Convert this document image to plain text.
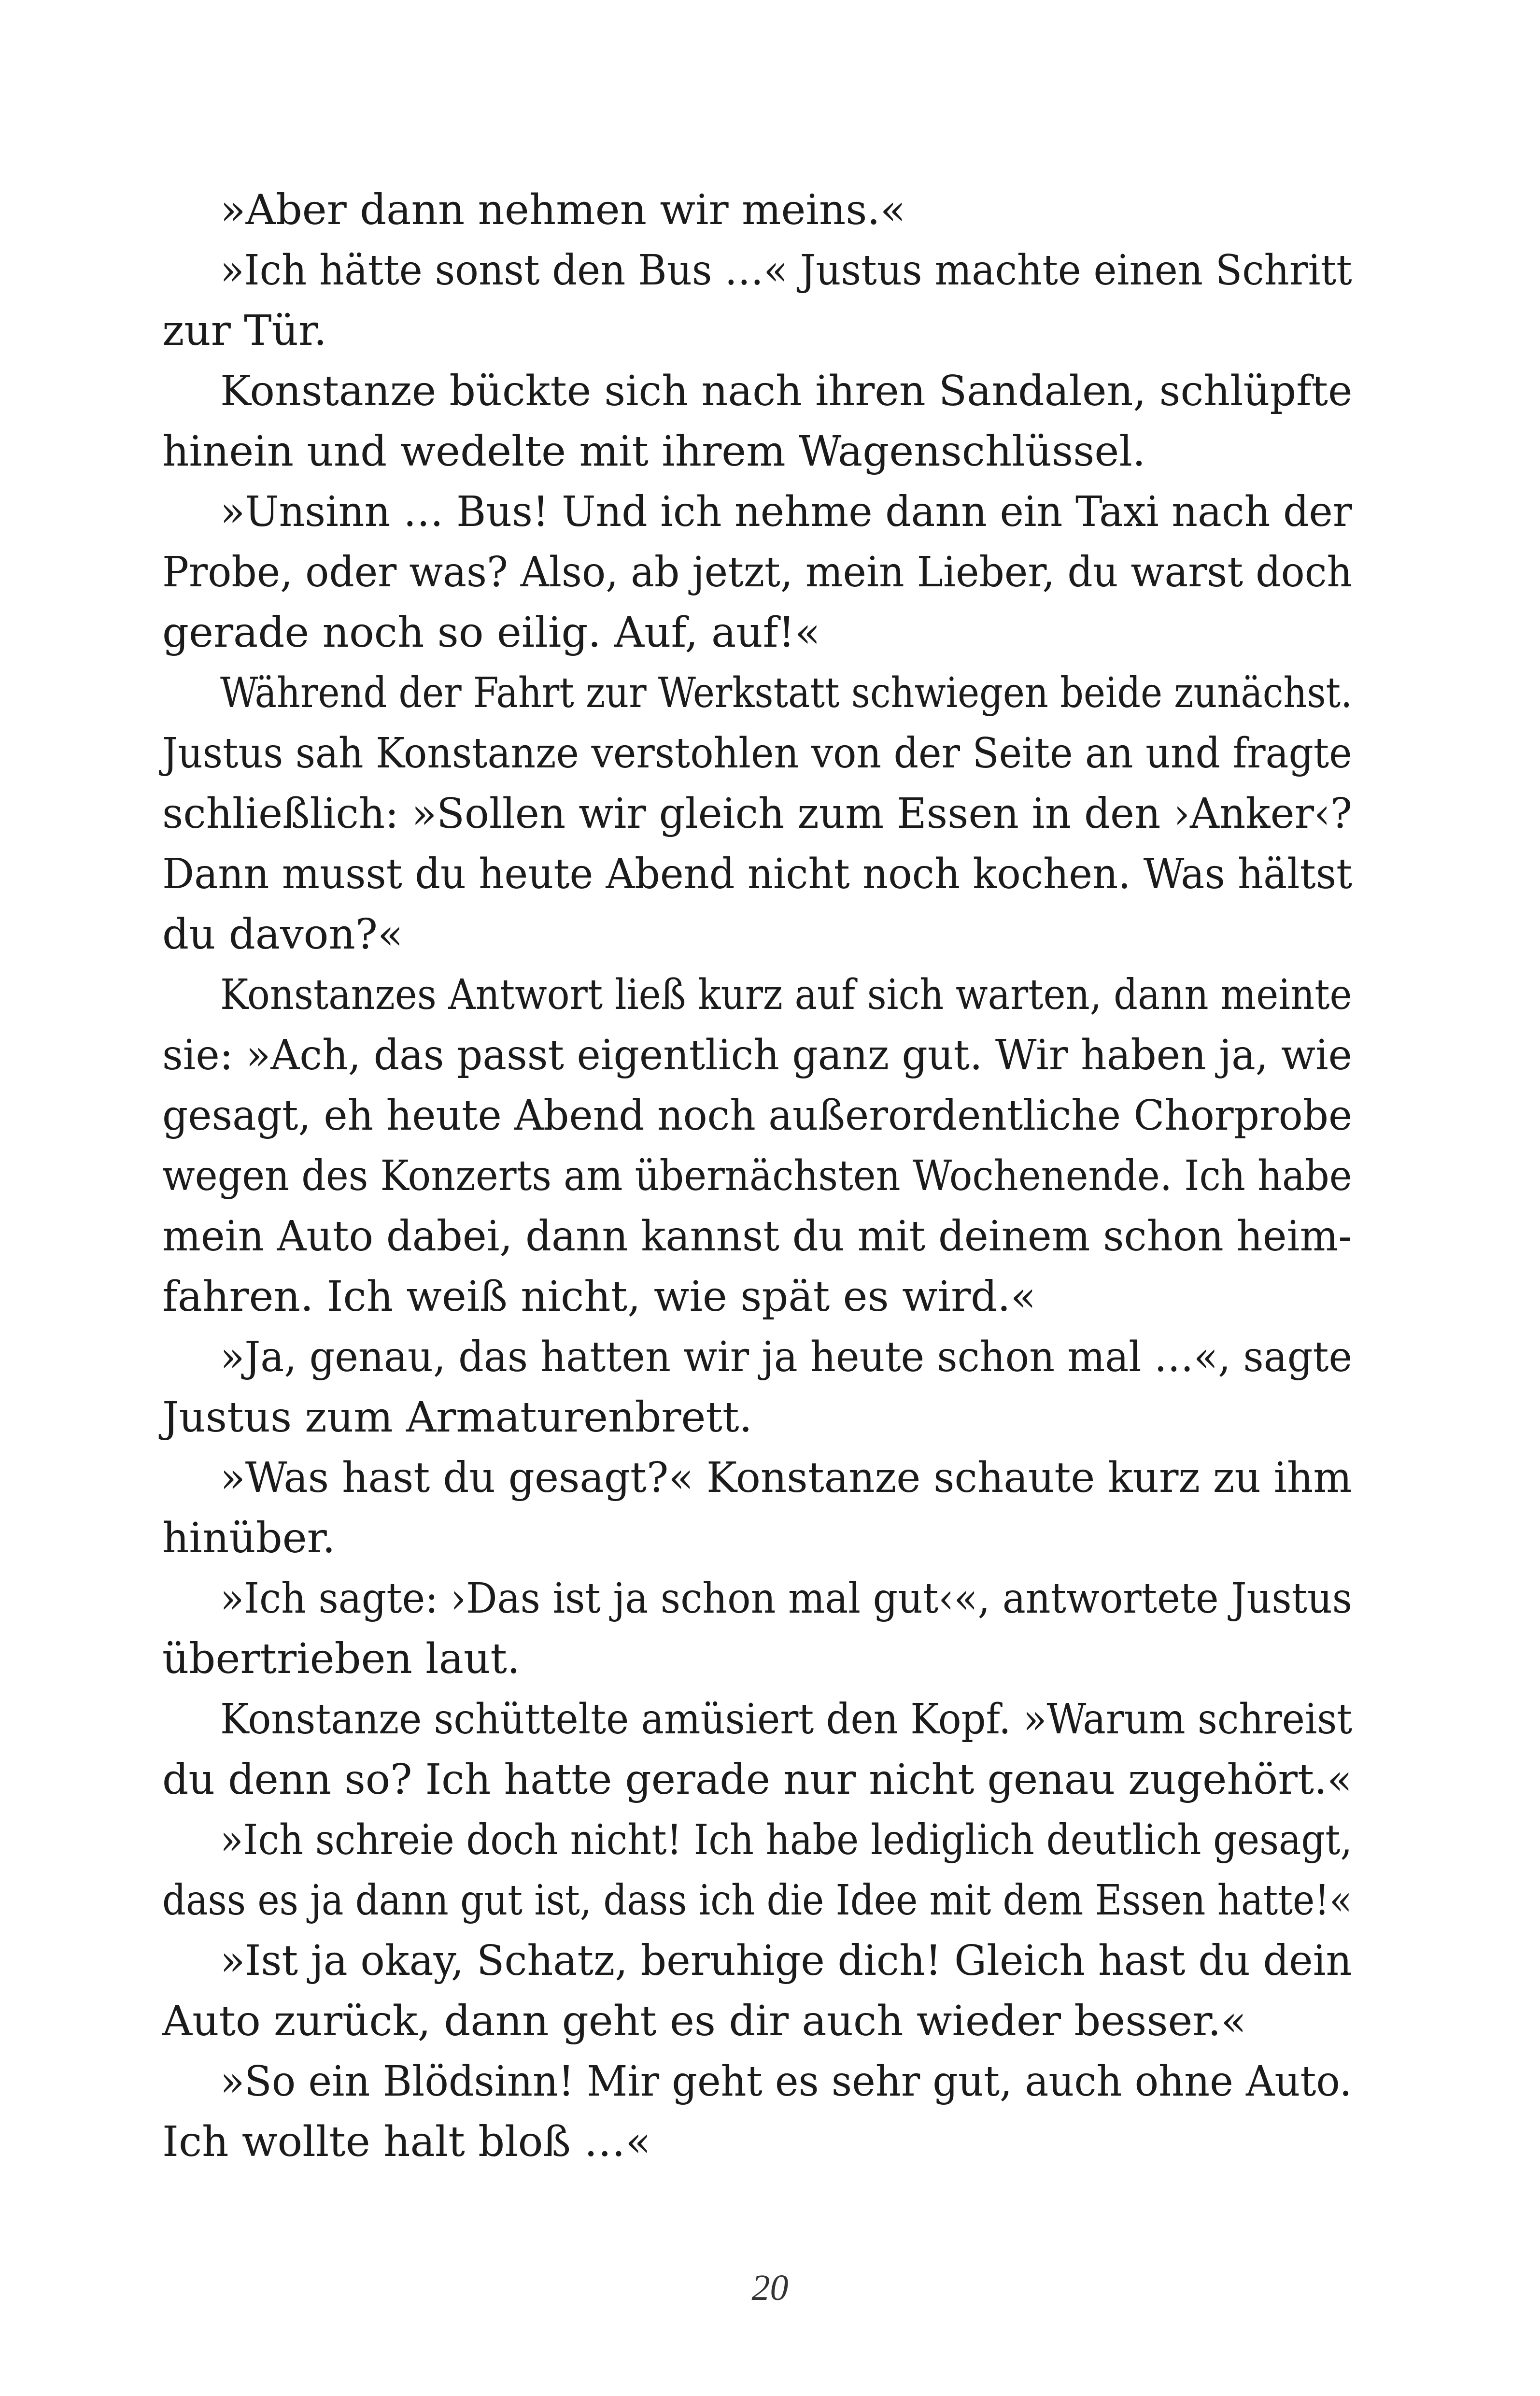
»Aber dann nehmen wir meins.«
»Ich hätte sonst den Bus …« Justus machte einen Schritt
zur Tür.
Konstanze bückte sich nach ihren Sandalen, schlüpfte
hinein und wedelte mit ihrem Wagenschlüssel.
»Unsinn … Bus! Und ich nehme dann ein Taxi nach der
Probe, oder was? Also, ab jetzt, mein Lieber, du warst doch
gerade noch so eilig. Auf, auf!«
Während der Fahrt zur Werkstatt schwiegen beide zunächst.
Justus sah Konstanze verstohlen von der Seite an und fragte
schließlich: »Sollen wir gleich zum Essen in den ›Anker‹?
Dann musst du heute Abend nicht noch kochen. Was hältst
du davon?«
Konstanzes Antwort ließ kurz auf sich warten, dann meinte
sie: »Ach, das passt eigentlich ganz gut. Wir haben ja, wie
gesagt, eh heute Abend noch außerordentliche Chorprobe
wegen des Konzerts am übernächsten Wochenende. Ich habe
mein Auto dabei, dann kannst du mit deinem schon heim-
fahren. Ich weiß nicht, wie spät es wird.«
»Ja, genau, das hatten wir ja heute schon mal …«, sagte
Justus zum Armaturenbrett.
»Was hast du gesagt?« Konstanze schaute kurz zu ihm
hinüber.
»Ich sagte: ›Das ist ja schon mal gut‹«, antwortete Justus
übertrieben laut.
Konstanze schüttelte amüsiert den Kopf. »Warum schreist
du denn so? Ich hatte gerade nur nicht genau zugehört.«
»Ich schreie doch nicht! Ich habe lediglich deutlich gesagt,
dass es ja dann gut ist, dass ich die Idee mit dem Essen hatte!«
»Ist ja okay, Schatz, beruhige dich! Gleich hast du dein
Auto zurück, dann geht es dir auch wieder besser.«
»So ein Blödsinn! Mir geht es sehr gut, auch ohne Auto.
Ich wollte halt bloß …«
20
